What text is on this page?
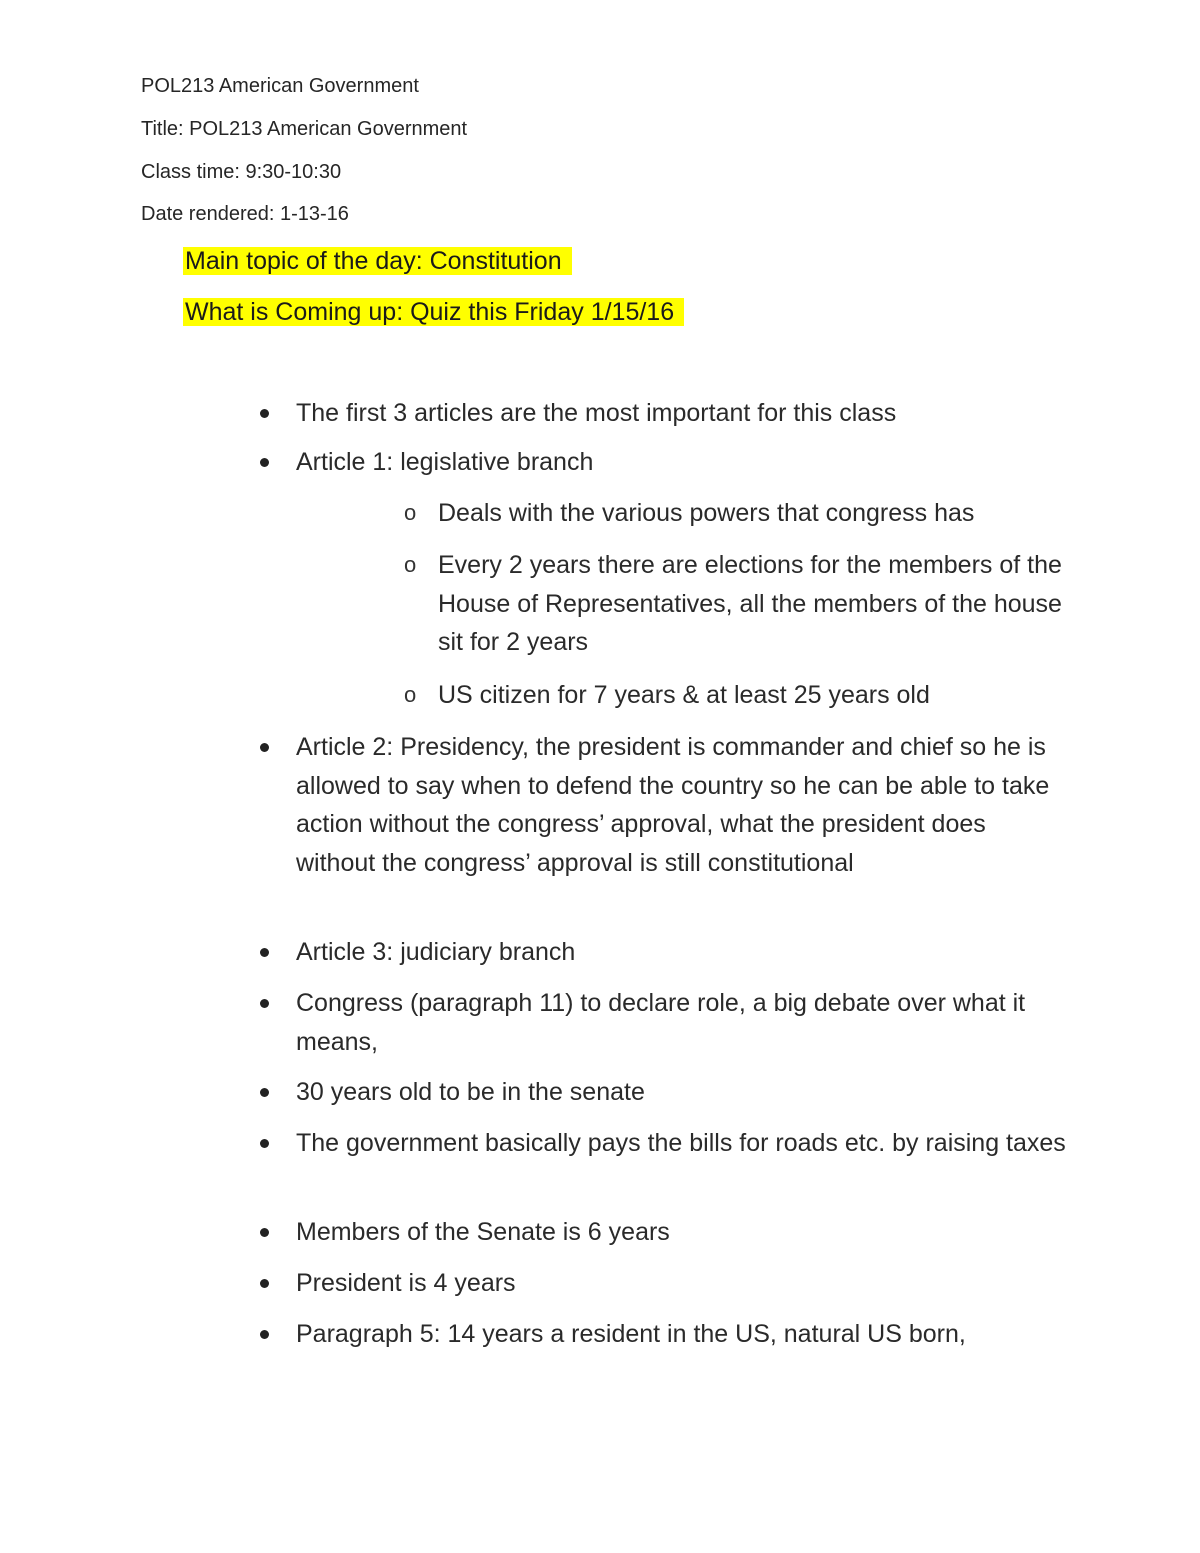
POL213 American Government

Title: POL213 American Government

Class time: 9:30-10:30

Date rendered: 1-13-16

Main topic of the day: Constitution

What is Coming up: Quiz this Friday 1/15/16

The first 3 articles are the most important for this class
Article 1: legislative branch
o Deals with the various powers that congress has
o Every 2 years there are elections for the members of the House of Representatives, all the members of the house sit for 2 years
o US citizen for 7 years & at least 25 years old
Article 2: Presidency, the president is commander and chief so he is allowed to say when to defend the country so he can be able to take action without the congress’ approval, what the president does without the congress’ approval is still constitutional
Article 3: judiciary branch
Congress (paragraph 11) to declare role, a big debate over what it means,
30 years old to be in the senate
The government basically pays the bills for roads etc. by raising taxes
Members of the Senate is 6 years
President is 4 years
Paragraph 5: 14 years a resident in the US, natural US born,
